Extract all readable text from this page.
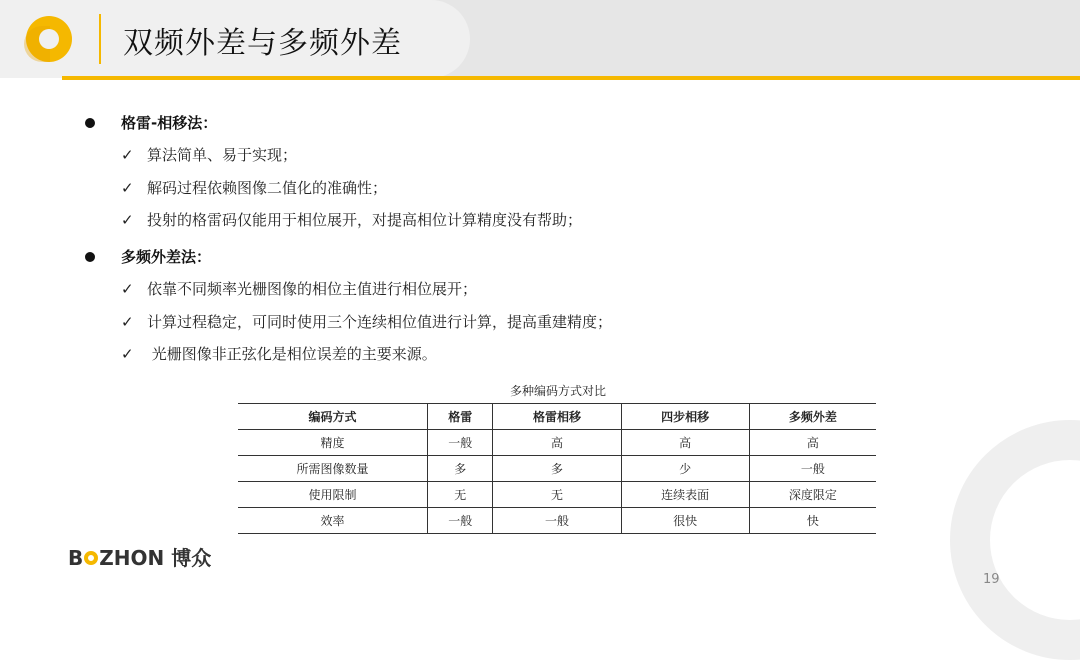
双频外差与多频外差
格雷-相移法：
✓ 算法简单、易于实现；
✓ 解码过程依赖图像二值化的准确性；
✓ 投射的格雷码仅能用于相位展开，对提高相位计算精度没有帮助；
多频外差法：
✓ 依靠不同频率光栅图像的相位主值进行相位展开；
✓ 计算过程稳定，可同时使用三个连续相位值进行计算，提高重建精度；
✓ 光栅图像非正弦化是相位误差的主要来源。
多种编码方式对比
编码方式	格雷	格雷相移	四步相移	多频外差
精度	一般	高	高	高
所需图像数量	多	多	少	一般
使用限制	无	无	连续表面	深度限定
效率	一般	一般	很快	快
B ZHON 博众
19
